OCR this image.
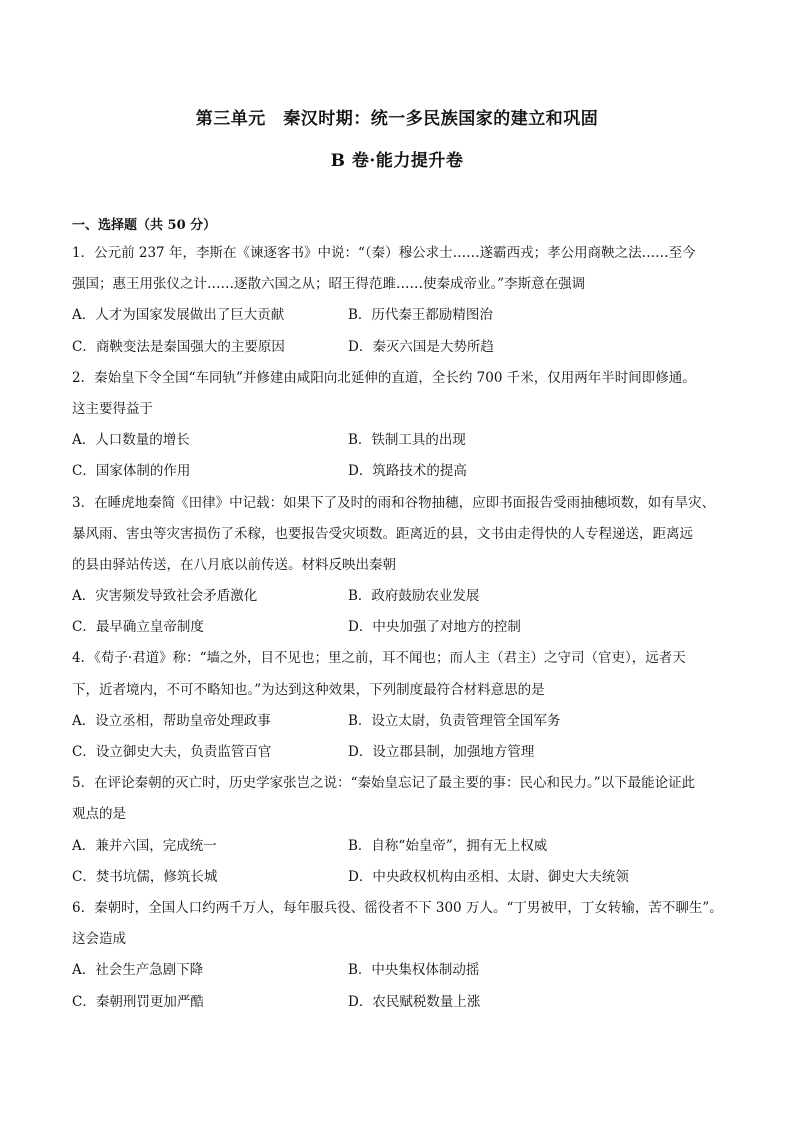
第三单元　秦汉时期：统一多民族国家的建立和巩固
B 卷·能力提升卷
一、选择题（共 50 分）
1．公元前 237 年，李斯在《谏逐客书》中说：“（秦）穆公求士……遂霸西戎；孝公用商鞅之法……至今
强国；惠王用张仪之计……逐散六国之从；昭王得范雎……使秦成帝业。”李斯意在强调
A．人才为国家发展做出了巨大贡献	B．历代秦王都励精图治
C．商鞅变法是秦国强大的主要原因	D．秦灭六国是大势所趋
2．秦始皇下令全国“车同轨”并修建由咸阳向北延伸的直道，全长约 700 千米，仅用两年半时间即修通。
这主要得益于
A．人口数量的增长	B．铁制工具的出现
C．国家体制的作用	D．筑路技术的提高
3．在睡虎地秦简《田律》中记载：如果下了及时的雨和谷物抽穗，应即书面报告受雨抽穗顷数，如有旱灾、
暴风雨、害虫等灾害损伤了禾稼，也要报告受灾顷数。距离近的县，文书由走得快的人专程递送，距离远
的县由驿站传送，在八月底以前传送。材料反映出秦朝
A．灾害频发导致社会矛盾激化	B．政府鼓励农业发展
C．最早确立皇帝制度	D．中央加强了对地方的控制
4．《荀子·君道》称：“墙之外，目不见也；里之前，耳不闻也；而人主（君主）之守司（官吏），远者天
下，近者境内，不可不略知也。”为达到这种效果，下列制度最符合材料意思的是
A．设立丞相，帮助皇帝处理政事	B．设立太尉，负责管理管全国军务
C．设立御史大夫，负责监管百官	D．设立郡县制，加强地方管理
5．在评论秦朝的灭亡时，历史学家张岂之说：“秦始皇忘记了最主要的事：民心和民力。”以下最能论证此
观点的是
A．兼并六国，完成统一	B．自称“始皇帝”，拥有无上权威
C．焚书坑儒，修筑长城	D．中央政权机构由丞相、太尉、御史大夫统领
6．秦朝时，全国人口约两千万人，每年服兵役、徭役者不下 300 万人。“丁男被甲，丁女转输，苦不聊生”。
这会造成
A．社会生产急剧下降	B．中央集权体制动摇
C．秦朝刑罚更加严酷	D．农民赋税数量上涨
